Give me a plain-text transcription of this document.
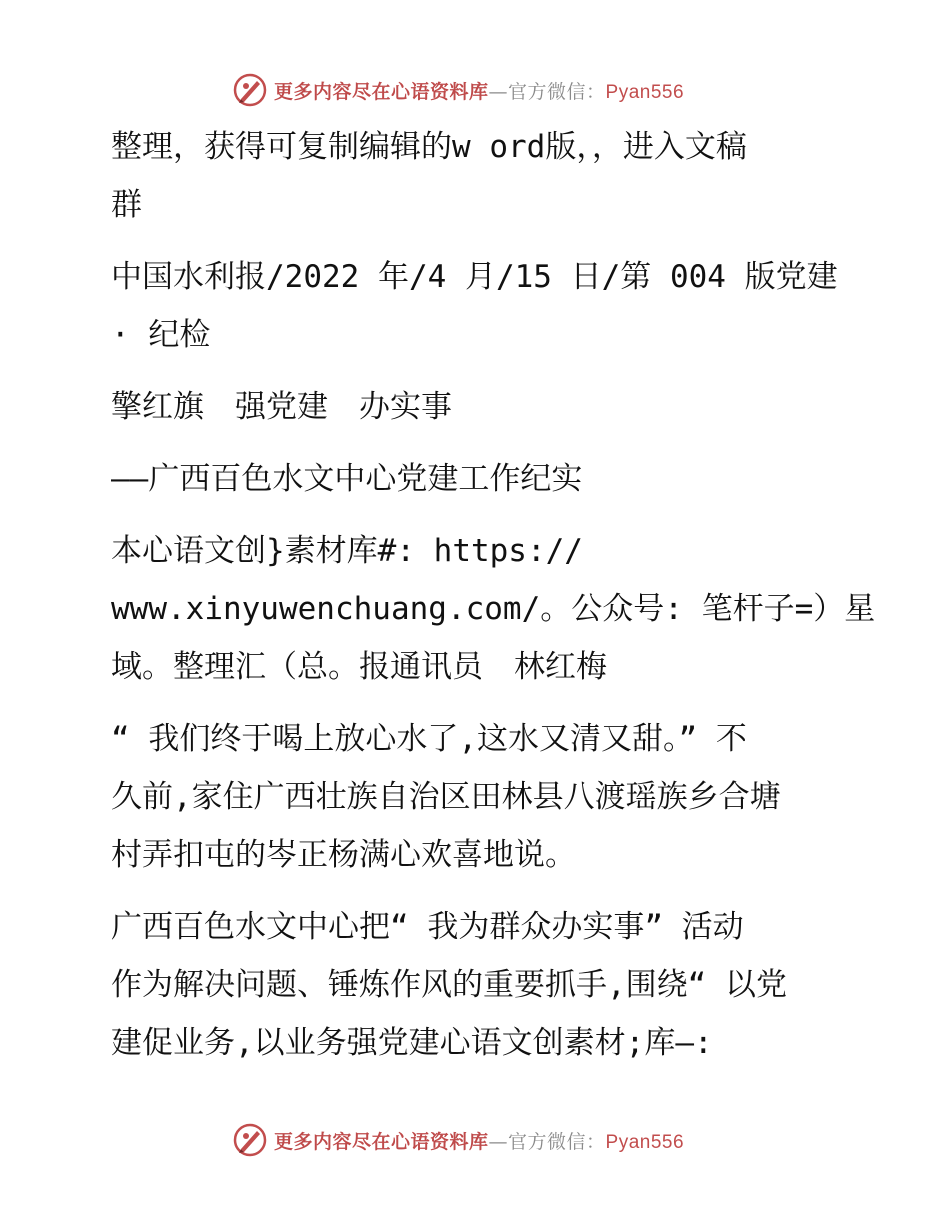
更多内容尽在心语资料库—官方微信：Pyan556

整理，获得可复制编辑的w ord版，，进入文稿
群

中国水利报/2022 年/4 月/15 日/第 004 版党建
· 纪检

擎红旗　强党建　办实事

——广西百色水文中心党建工作纪实

本心语文创}素材库#: https://
www.xinyuwenchuang.com/。公众号: 笔杆子=）星
域。整理汇（总。报通讯员　林红梅

“ 我们终于喝上放心水了,这水又清又甜。” 不
久前,家住广西壮族自治区田林县八渡瑶族乡合塘
村弄扣屯的岑正杨满心欢喜地说。

广西百色水文中心把“ 我为群众办实事” 活动
作为解决问题、锤炼作风的重要抓手,围绕“ 以党
建促业务,以业务强党建心语文创素材;库—:

更多内容尽在心语资料库—官方微信：Pyan556
